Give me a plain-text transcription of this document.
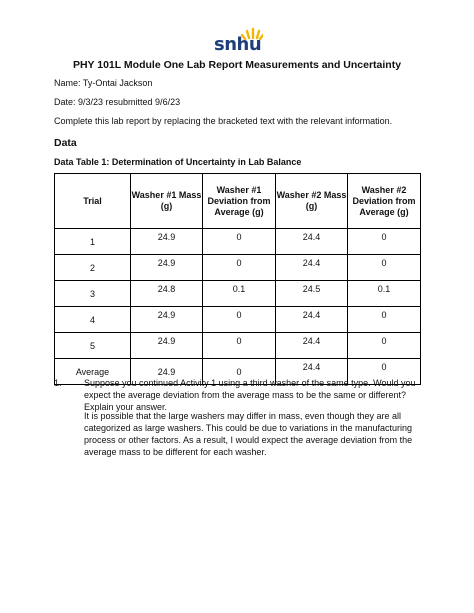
snhu
PHY 101L Module One Lab Report Measurements and Uncertainty
Name: Ty-Ontai Jackson
Date: 9/3/23 resubmitted 9/6/23
Complete this lab report by replacing the bracketed text with the relevant information.
Data
Data Table 1: Determination of Uncertainty in Lab Balance
Trial	Washer #1 Mass (g)	Washer #1 Deviation from Average (g)	Washer #2 Mass (g)	Washer #2 Deviation from Average (g)
1	24.9	0	24.4	0
2	24.9	0	24.4	0
3	24.8	0.1	24.5	0.1
4	24.9	0	24.4	0
5	24.9	0	24.4	0
Average	24.9	0	24.4	0
1. Suppose you continued Activity 1 using a third washer of the same type. Would you expect the average deviation from the average mass to be the same or different? Explain your answer.
It is possible that the large washers may differ in mass, even though they are all categorized as large washers. This could be due to variations in the manufacturing process or other factors. As a result, I would expect the average deviation from the average mass to be different for each washer.
